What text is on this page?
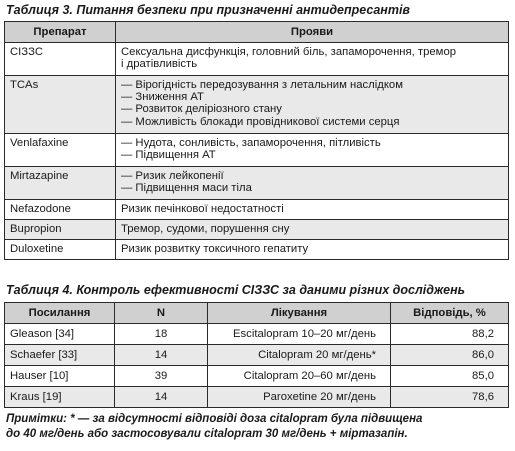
Таблиця 3. Питання безпеки при призначенні антидепресантів
Препарат	Прояви
СІЗЗС	Сексуальна дисфункція, головний біль, запаморочення, тремор
і дратівливість

TCAs	— Вірогідність передозування з летальним наслідком
— Зниження АТ
— Розвиток деліріозного стану
— Можливість блокади провідникової системи серця

Venlafaxine	— Нудота, сонливість, запаморочення, пітливість
— Підвищення АТ

Mirtazapine	— Ризик лейкопенії
— Підвищення маси тіла

Nefazodone	Ризик печінкової недостатності

Bupropion	Тремор, судоми, порушення сну

Duloxetine	Ризик розвитку токсичного гепатиту
Таблиця 4. Контроль ефективності СІЗЗС за даними різних досліджень
Посилання	N	Лікування	Відповідь, %
Gleason [34]	18	Escitalopram 10–20 мг/день	88,2
Schaefer [33]	14	Citalopram 20 мг/день*	86,0
Hauser [10]	39	Citalopram 20–60 мг/день	85,0
Kraus [19]	14	Paroxetine 20 мг/день	78,6
Примітки: * — за відсутності відповіді доза citalopram була підвищена
до 40 мг/день або застосовували citalopram 30 мг/день + міртазапін.
